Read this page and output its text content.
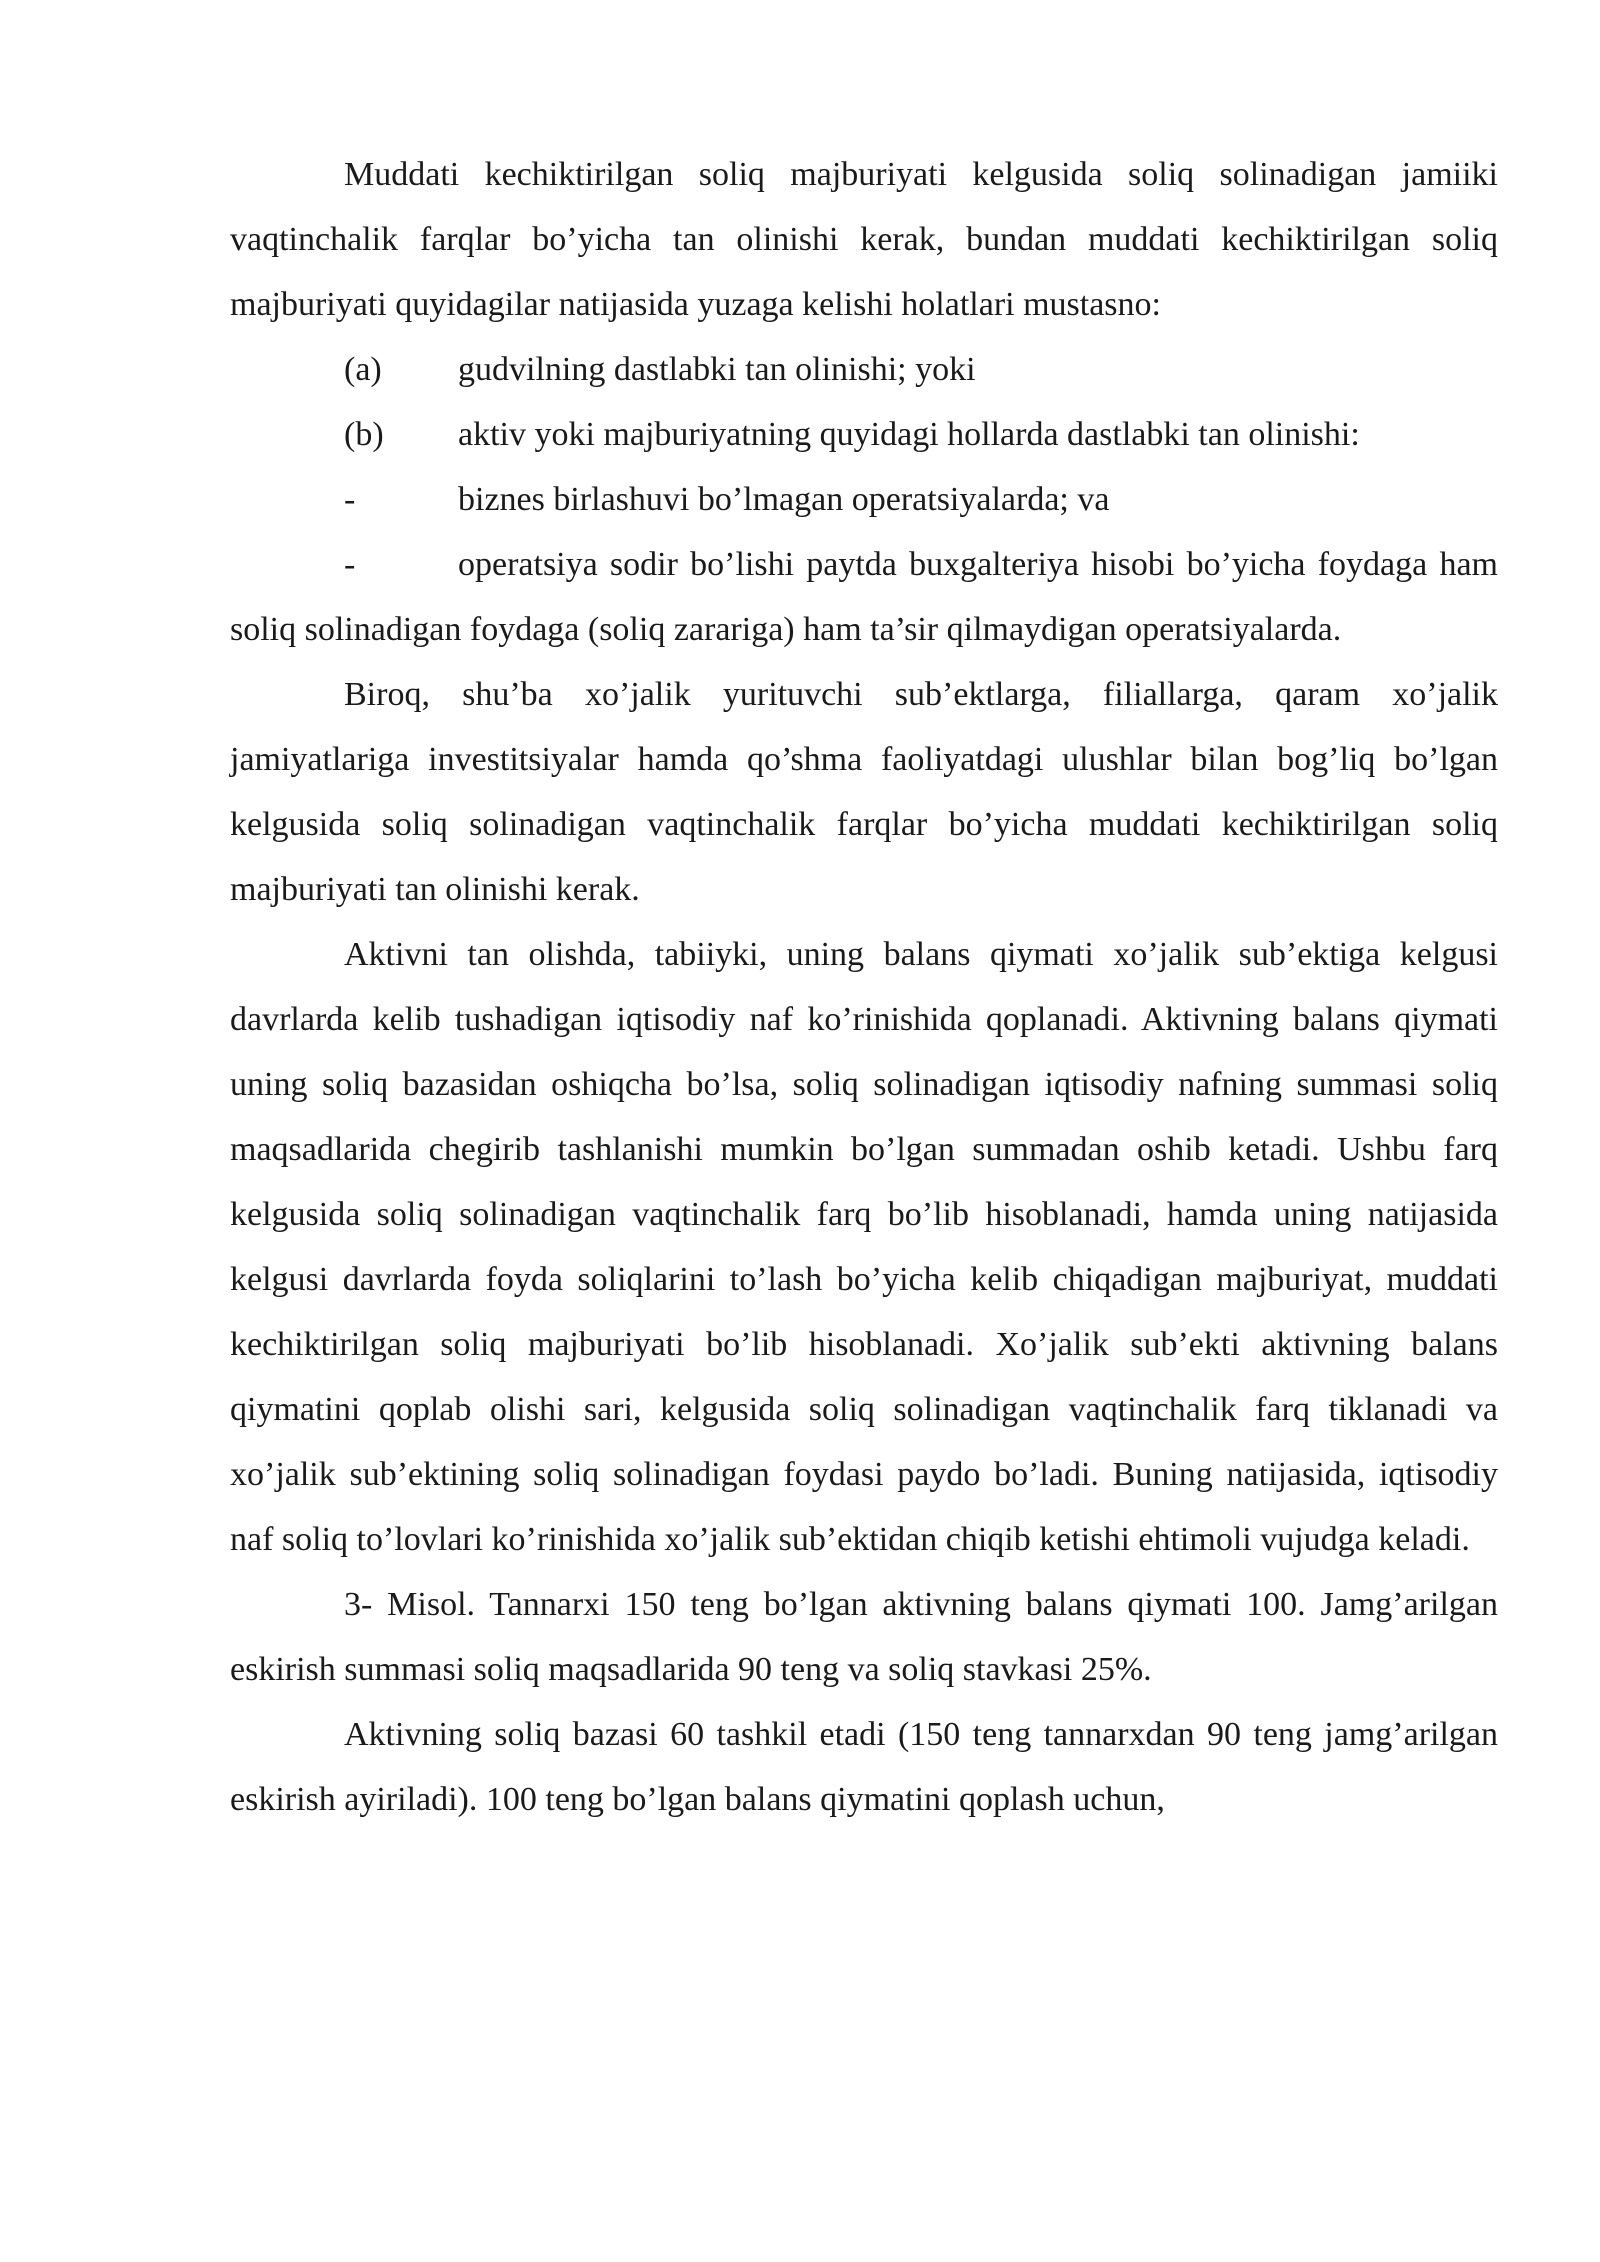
Muddati kechiktirilgan soliq majburiyati kelgusida soliq solinadigan jamiiki vaqtinchalik farqlar bo’yicha tan olinishi kerak, bundan muddati kechiktirilgan soliq majburiyati quyidagilar natijasida yuzaga kelishi holatlari mustasno:

(a) gudvilning dastlabki tan olinishi; yoki

(b) aktiv yoki majburiyatning quyidagi hollarda dastlabki tan olinishi:

-	biznes birlashuvi bo’lmagan operatsiyalarda; va

-	operatsiya sodir bo’lishi paytda buxgalteriya hisobi bo’yicha foydaga ham soliq solinadigan foydaga (soliq zarariga) ham ta’sir qilmaydigan operatsiyalarda.

Biroq, shu’ba xo’jalik yurituvchi sub’ektlarga, filiallarga, qaram xo’jalik jamiyatlariga investitsiyalar hamda qo’shma faoliyatdagi ulushlar bilan bog’liq bo’lgan kelgusida soliq solinadigan vaqtinchalik farqlar bo’yicha muddati kechiktirilgan soliq majburiyati tan olinishi kerak.

Aktivni tan olishda, tabiiyki, uning balans qiymati xo’jalik sub’ektiga kelgusi davrlarda kelib tushadigan iqtisodiy naf ko’rinishida qoplanadi. Aktivning balans qiymati uning soliq bazasidan oshiqcha bo’lsa, soliq solinadigan iqtisodiy nafning summasi soliq maqsadlarida chegirib tashlanishi mumkin bo’lgan summadan oshib ketadi. Ushbu farq kelgusida soliq solinadigan vaqtinchalik farq bo’lib hisoblanadi, hamda uning natijasida kelgusi davrlarda foyda soliqlarini to’lash bo’yicha kelib chiqadigan majburiyat, muddati kechiktirilgan soliq majburiyati bo’lib hisoblanadi. Xo’jalik sub’ekti aktivning balans qiymatini qoplab olishi sari, kelgusida soliq solinadigan vaqtinchalik farq tiklanadi va xo’jalik sub’ektining soliq solinadigan foydasi paydo bo’ladi. Buning natijasida, iqtisodiy naf soliq to’lovlari ko’rinishida xo’jalik sub’ektidan chiqib ketishi ehtimoli vujudga keladi.

3- Misol. Tannarxi 150 teng bo’lgan aktivning balans qiymati 100. Jamg’arilgan eskirish summasi soliq maqsadlarida 90 teng va soliq stavkasi 25%.

Aktivning soliq bazasi 60 tashkil etadi (150 teng tannarxdan 90 teng jamg’arilgan eskirish ayiriladi). 100 teng bo’lgan balans qiymatini qoplash uchun,
